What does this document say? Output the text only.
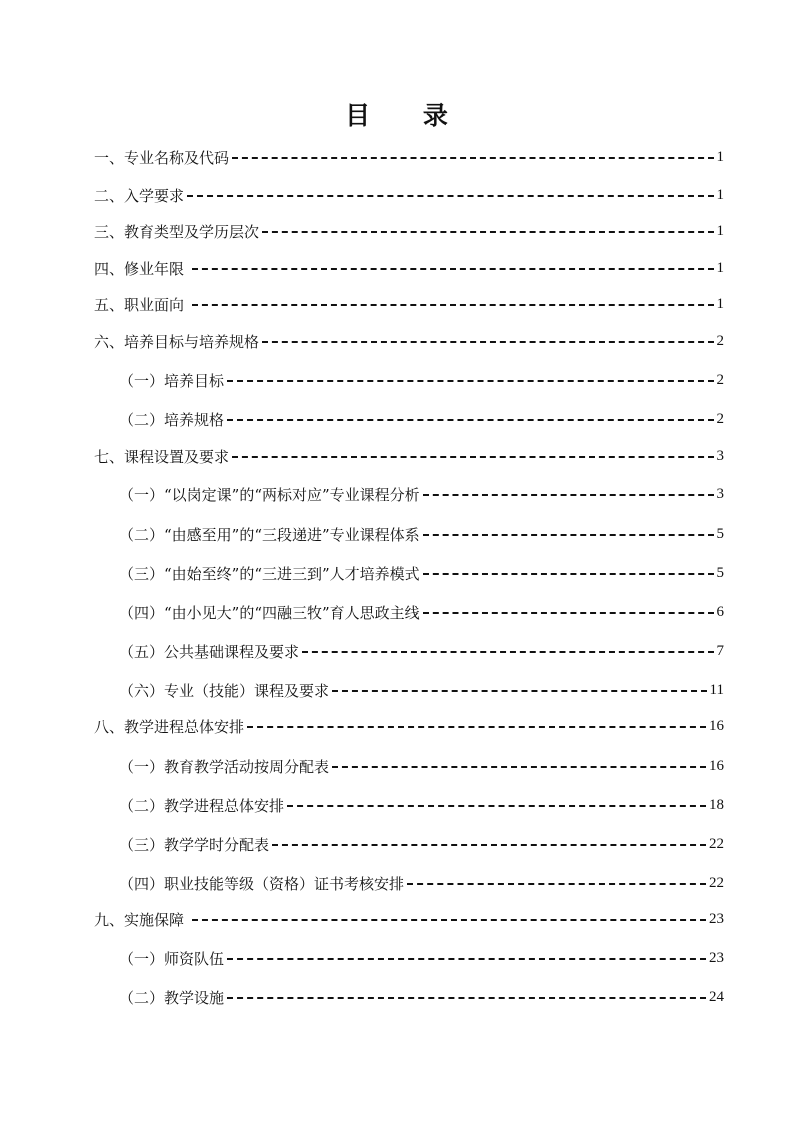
目 录
一、专业名称及代码	1
二、入学要求	1
三、教育类型及学历层次	1
四、修业年限	1
五、职业面向	1
六、培养目标与培养规格	2
（一）培养目标	2
（二）培养规格	2
七、课程设置及要求	3
（一）“以岗定课”的“两标对应”专业课程分析	3
（二）“由感至用”的“三段递进”专业课程体系	5
（三）“由始至终”的“三进三到”人才培养模式	5
（四）“由小见大”的“四融三牧”育人思政主线	6
（五）公共基础课程及要求	7
（六）专业（技能）课程及要求	11
八、教学进程总体安排	16
（一）教育教学活动按周分配表	16
（二）教学进程总体安排	18
（三）教学学时分配表	22
（四）职业技能等级（资格）证书考核安排	22
九、实施保障	23
（一）师资队伍	23
（二）教学设施	24
